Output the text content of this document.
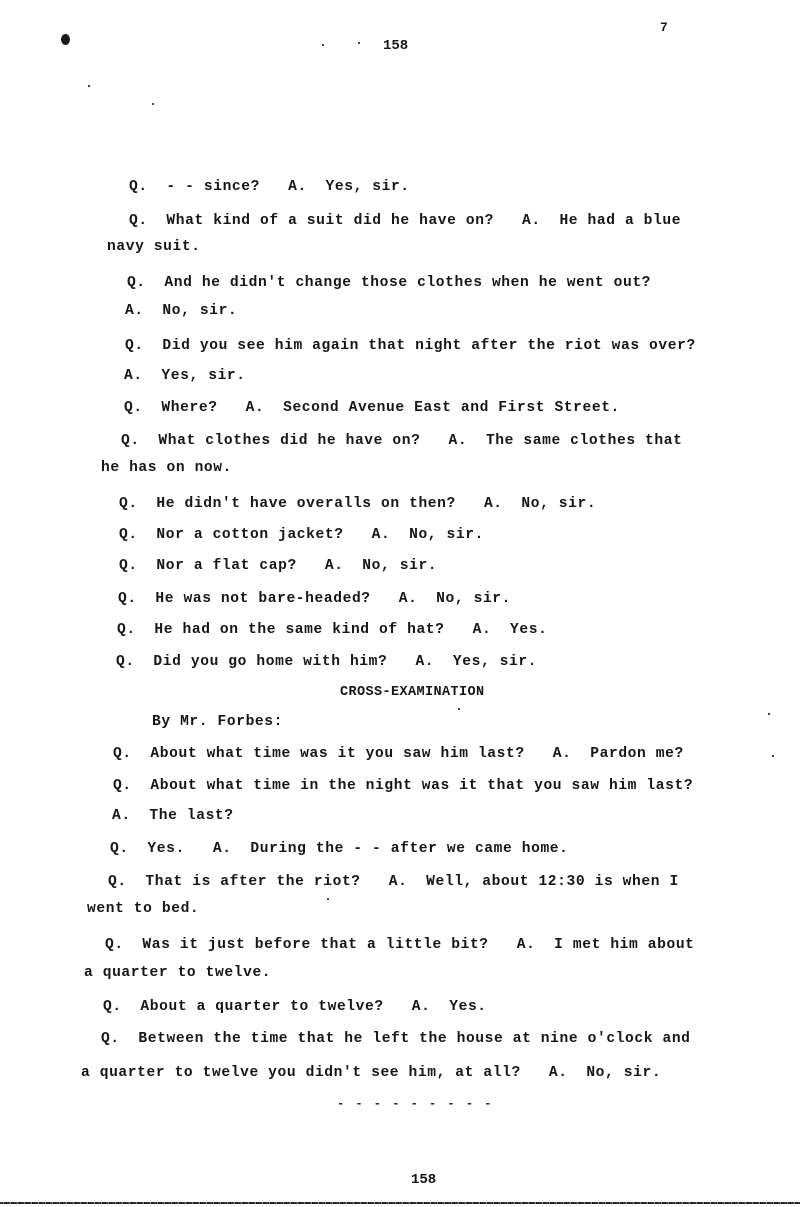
7
158
Q.  - - since?   A.  Yes, sir.
Q.  What kind of a suit did he have on?   A.  He had a blue
navy suit.
Q.  And he didn't change those clothes when he went out?
A.  No, sir.
Q.  Did you see him again that night after the riot was over?
A.  Yes, sir.
Q.  Where?   A.  Second Avenue East and First Street.
Q.  What clothes did he have on?   A.  The same clothes that
he has on now.
Q.  He didn't have overalls on then?   A.  No, sir.
Q.  Nor a cotton jacket?   A.  No, sir.
Q.  Nor a flat cap?   A.  No, sir.
Q.  He was not bare-headed?   A.  No, sir.
Q.  He had on the same kind of hat?   A.  Yes.
Q.  Did you go home with him?   A.  Yes, sir.
CROSS-EXAMINATION
By Mr. Forbes:
Q.  About what time was it you saw him last?   A.  Pardon me?
Q.  About what time in the night was it that you saw him last?
A.  The last?
Q.  Yes.   A.  During the - - after we came home.
Q.  That is after the riot?   A.  Well, about 12:30 is when I
went to bed.
Q.  Was it just before that a little bit?   A.  I met him about
a quarter to twelve.
Q.  About a quarter to twelve?   A.  Yes.
Q.  Between the time that he left the house at nine o'clock and
a quarter to twelve you didn't see him, at all?   A.  No, sir.
- - - - - - - - -
158
